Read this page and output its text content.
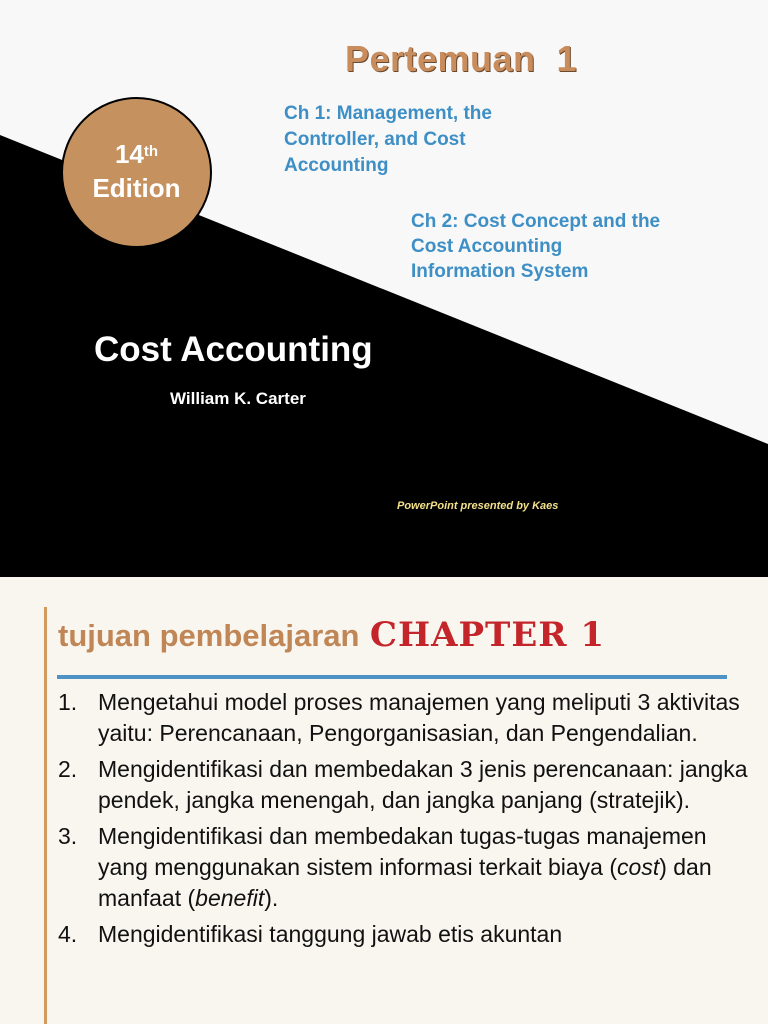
Pertemuan  1
14th
Edition
Ch 1: Management, the
Controller, and Cost
Accounting
Ch 2: Cost Concept and the
Cost Accounting
Information System
Cost Accounting
William K. Carter
PowerPoint presented by Kaes
tujuan pembelajaran CHAPTER 1
1. Mengetahui model proses manajemen yang meliputi 3 aktivitas yaitu: Perencanaan, Pengorganisasian, dan Pengendalian.
2. Mengidentifikasi dan membedakan 3 jenis perencanaan: jangka pendek, jangka menengah, dan jangka panjang (stratejik).
3. Mengidentifikasi dan membedakan tugas-tugas manajemen yang menggunakan sistem informasi terkait biaya (cost) dan manfaat (benefit).
4. Mengidentifikasi tanggung jawab etis akuntan
